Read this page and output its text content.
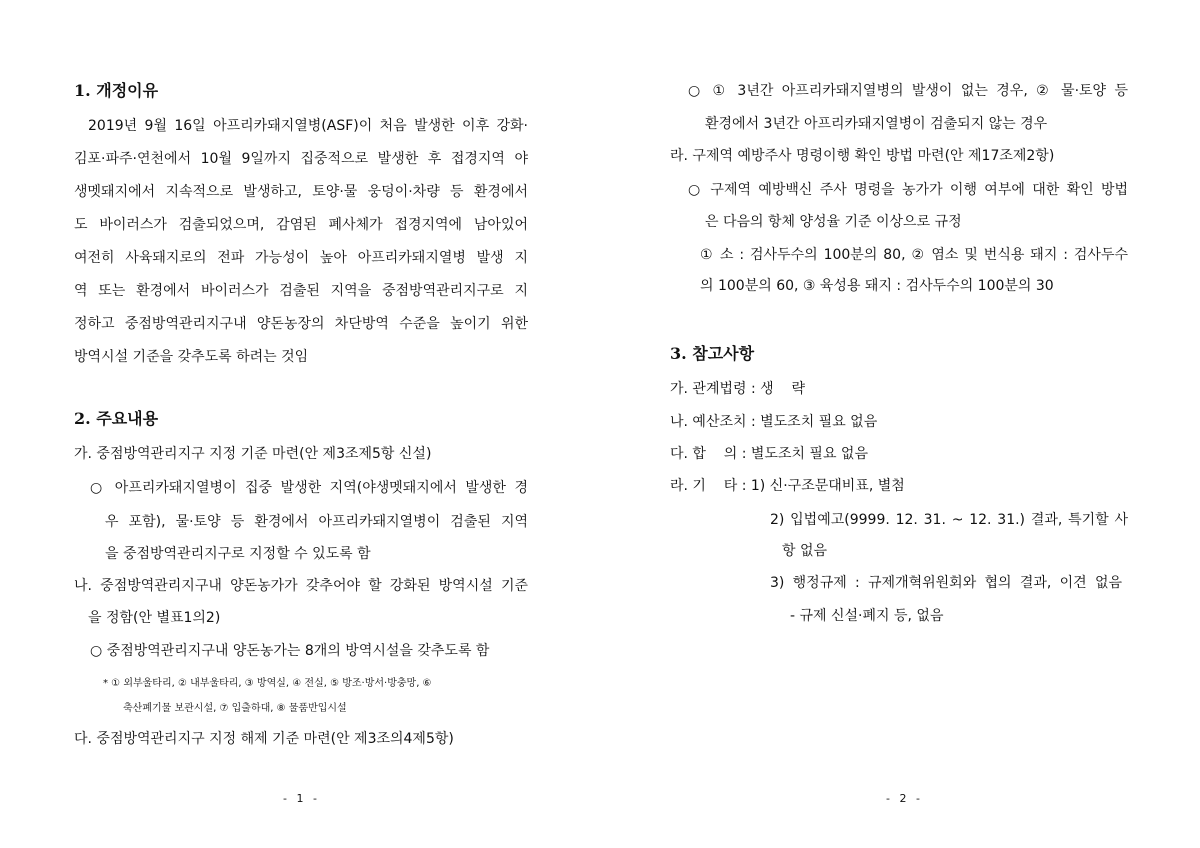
1. 개정이유
2019년 9월 16일 아프리카돼지열병(ASF)이 처음 발생한 이후 강화·
김포·파주·연천에서 10월 9일까지 집중적으로 발생한 후 접경지역 야
생멧돼지에서 지속적으로 발생하고, 토양·물 웅덩이·차량 등 환경에서
도 바이러스가 검출되었으며, 감염된 폐사체가 접경지역에 남아있어
여전히 사육돼지로의 전파 가능성이 높아 아프리카돼지열병 발생 지
역 또는 환경에서 바이러스가 검출된 지역을 중점방역관리지구로 지
정하고 중점방역관리지구내 양돈농장의 차단방역 수준을 높이기 위한
방역시설 기준을 갖추도록 하려는 것임
2. 주요내용
가. 중점방역관리지구 지정 기준 마련(안 제3조제5항 신설)
○ 아프리카돼지열병이 집중 발생한 지역(야생멧돼지에서 발생한 경
우 포함), 물·토양 등 환경에서 아프리카돼지열병이 검출된 지역
을 중점방역관리지구로 지정할 수 있도록 함
나. 중점방역관리지구내 양돈농가가 갖추어야 할 강화된 방역시설 기준
을 정함(안 별표1의2)
○ 중점방역관리지구내 양돈농가는 8개의 방역시설을 갖추도록 함
* ① 외부울타리, ② 내부울타리, ③ 방역실, ④ 전실, ⑤ 방조·방서·방충망, ⑥
축산폐기물 보관시설, ⑦ 입출하대, ⑧ 물품반입시설
다. 중점방역관리지구 지정 해제 기준 마련(안 제3조의4제5항)
- 1 -
○ ① 3년간 아프리카돼지열병의 발생이 없는 경우, ② 물·토양 등
환경에서 3년간 아프리카돼지열병이 검출되지 않는 경우
라. 구제역 예방주사 명령이행 확인 방법 마련(안 제17조제2항)
○ 구제역 예방백신 주사 명령을 농가가 이행 여부에 대한 확인 방법
은 다음의 항체 양성율 기준 이상으로 규정
① 소 : 검사두수의 100분의 80, ② 염소 및 번식용 돼지 : 검사두수
의 100분의 60, ③ 육성용 돼지 : 검사두수의 100분의 30
3. 참고사항
가. 관계법령 : 생    략
나. 예산조치 : 별도조치 필요 없음
다. 합    의 : 별도조치 필요 없음
라. 기    타 : 1) 신·구조문대비표, 별첨
2) 입법예고(9999. 12. 31. ~ 12. 31.) 결과, 특기할 사
항 없음
3) 행정규제 : 규제개혁위원회와 협의 결과, 이견 없음
- 규제 신설·폐지 등, 없음
- 2 -
